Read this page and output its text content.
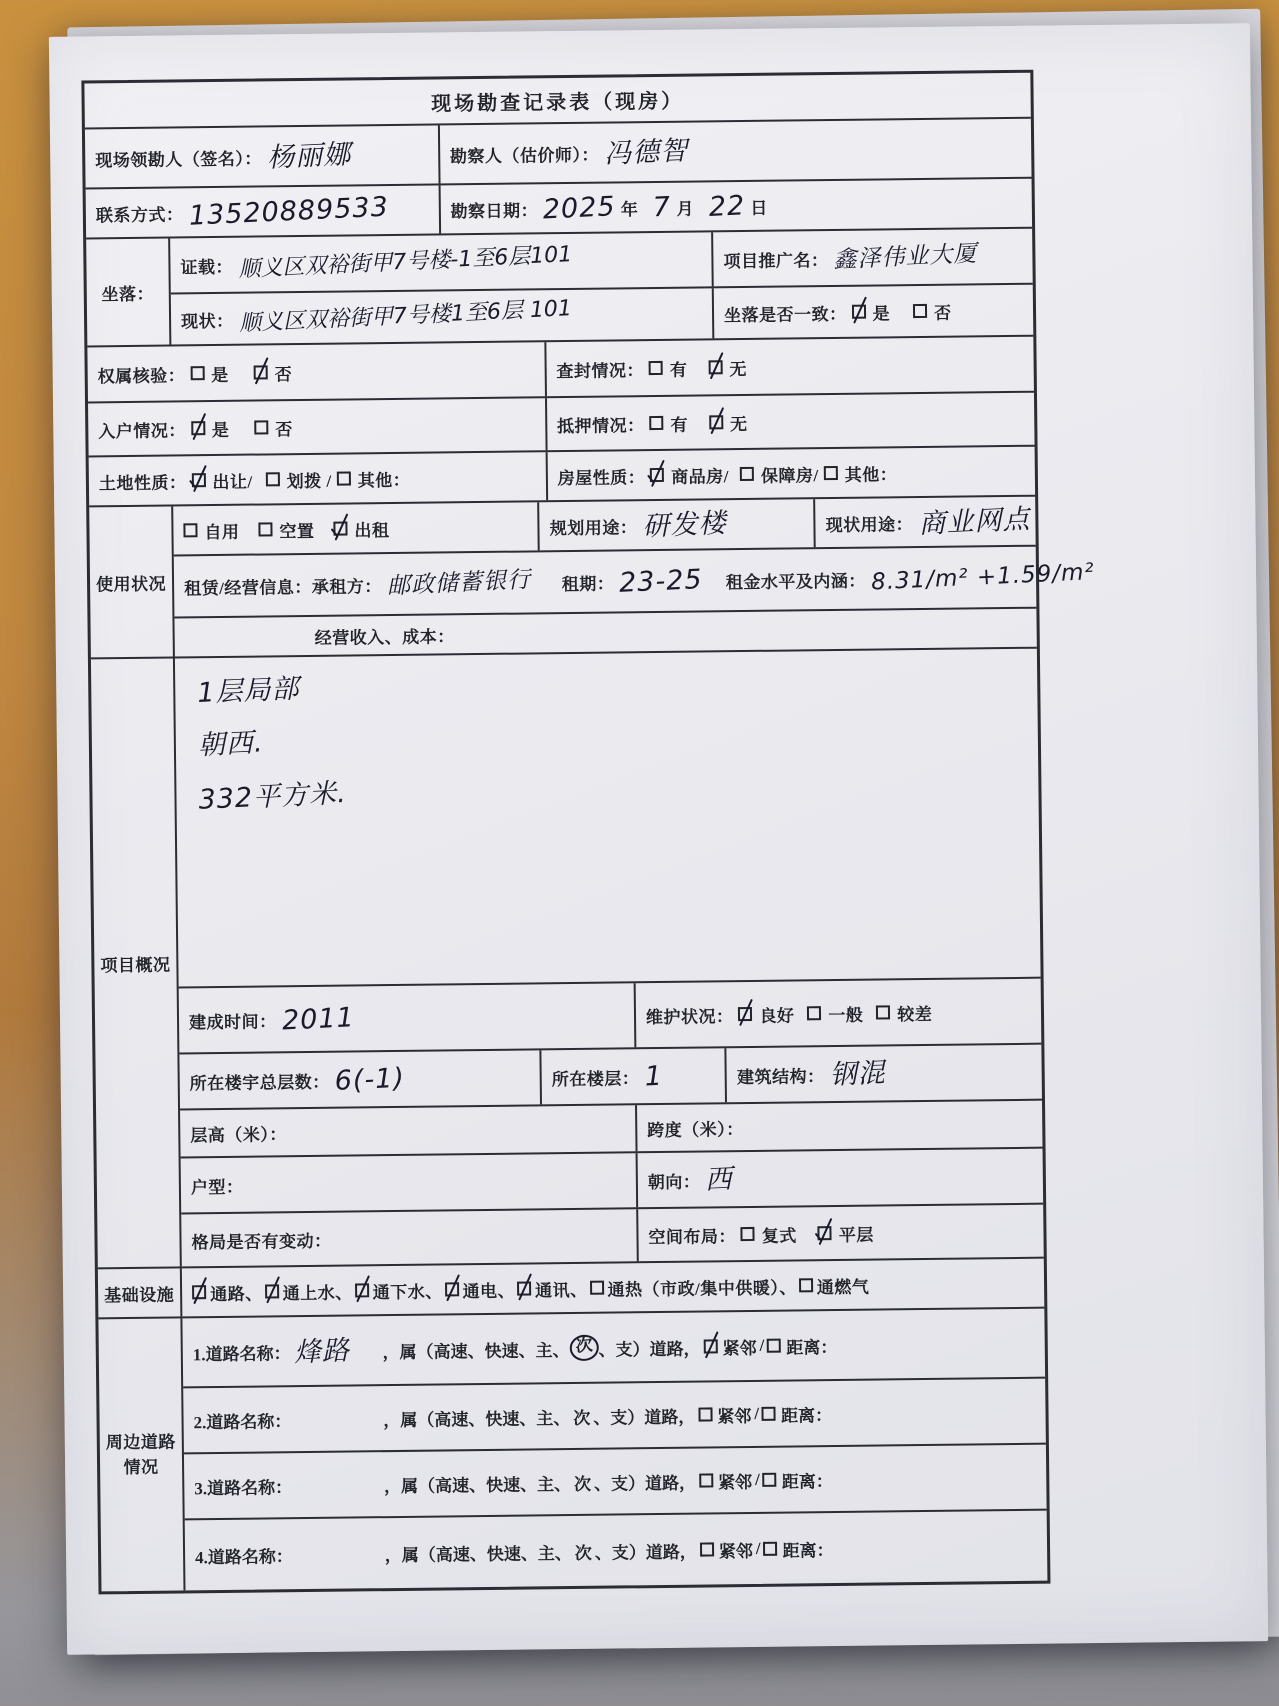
现场勘查记录表（现房）
现场领勘人（签名）： 杨丽娜	勘察人（估价师）： 冯德智
联系方式： 13520889533	勘察日期： 2025 年 7 月 22 日
坐落：
证载： 顺义区双裕街甲7号楼-1至6层101	项目推广名： 鑫泽伟业大厦
现状： 顺义区双裕街甲7号楼1至6层 101	坐落是否一致： 是	否
权属核验： 是	否	查封情况： 有 无
入户情况： 是	否	抵押情况： 有 无
土地性质： 出让/ 划拨 / 其他：	房屋性质： 商品房/ 保障房/ 其他：
使用状况
自用 空置 出租	规划用途： 研发楼	现状用途： 商业网点
租赁/经营信息：承租方： 邮政储蓄银行 租期： 23-25 租金水平及内涵： 8.31/m² +1.59/m²
经营收入、成本：
项目概况
1层局部
朝西.
332平方米.
建成时间： 2011	维护状况： 良好 一般 较差
所在楼宇总层数： 6(-1)	所在楼层： 1	建筑结构： 钢混
层高（米）：	跨度（米）：
户型：	朝向： 西
格局是否有变动：	空间布局： 复式 平层
基础设施 通路、 通上水、 通下水、 通电、 通讯、 通热（市政/集中供暖）、 通燃气
周边道路情况
1.道路名称： 烽路	，属（高速、快速、主、 次 、支）道路， 紧邻 / 距离：
2.道路名称：	，属（高速、快速、主、 次 、支）道路， 紧邻 / 距离：
3.道路名称：	，属（高速、快速、主、 次 、支）道路， 紧邻 / 距离：
4.道路名称：	，属（高速、快速、主、 次 、支）道路， 紧邻 / 距离：
